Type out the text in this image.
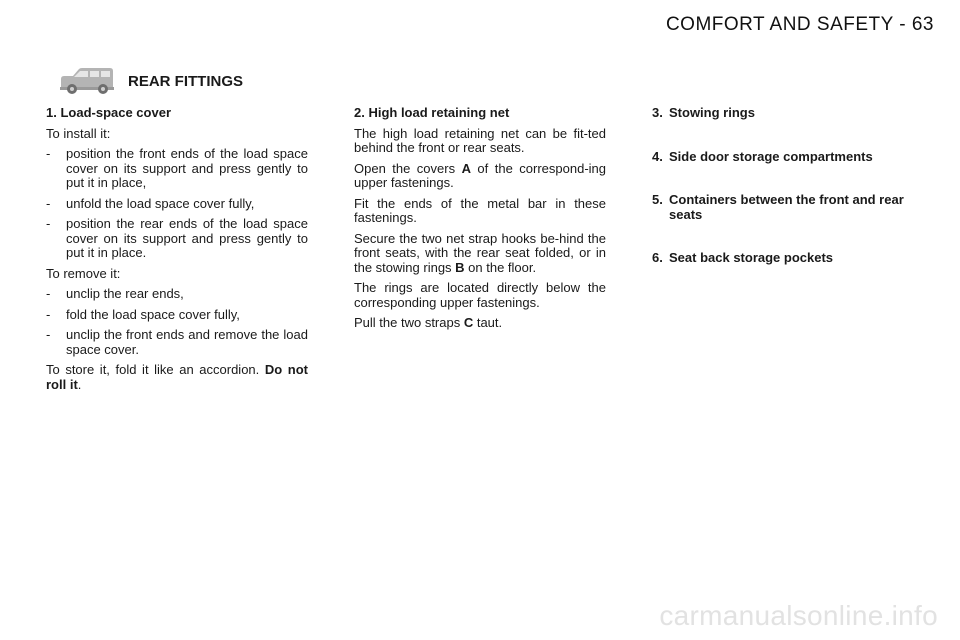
COMFORT AND SAFETY - 63
REAR FITTINGS
1. Load-space cover

To install it:

-	position the front ends of the load space cover on its support and press gently to put it in place,
-	unfold the load space cover fully,
-	position the rear ends of the load space cover on its support and press gently to put it in place.

To remove it:

-	unclip the rear ends,
-	fold the load space cover fully,
-	unclip the front ends and remove the load space cover.

To store it, fold it like an accordion. Do not roll it.

2. High load retaining net

The high load retaining net can be fit-ted behind the front or rear seats.

Open the covers A of the correspond-ing upper fastenings.

Fit the ends of the metal bar in these fastenings.

Secure the two net strap hooks be-hind the front seats, with the rear seat folded, or in the stowing rings B on the floor.

The rings are located directly below the corresponding upper fastenings.

Pull the two straps C taut.

3. Stowing rings
4. Side door storage compartments
5. Containers between the front and rear seats
6. Seat back storage pockets
carmanualsonline.info
